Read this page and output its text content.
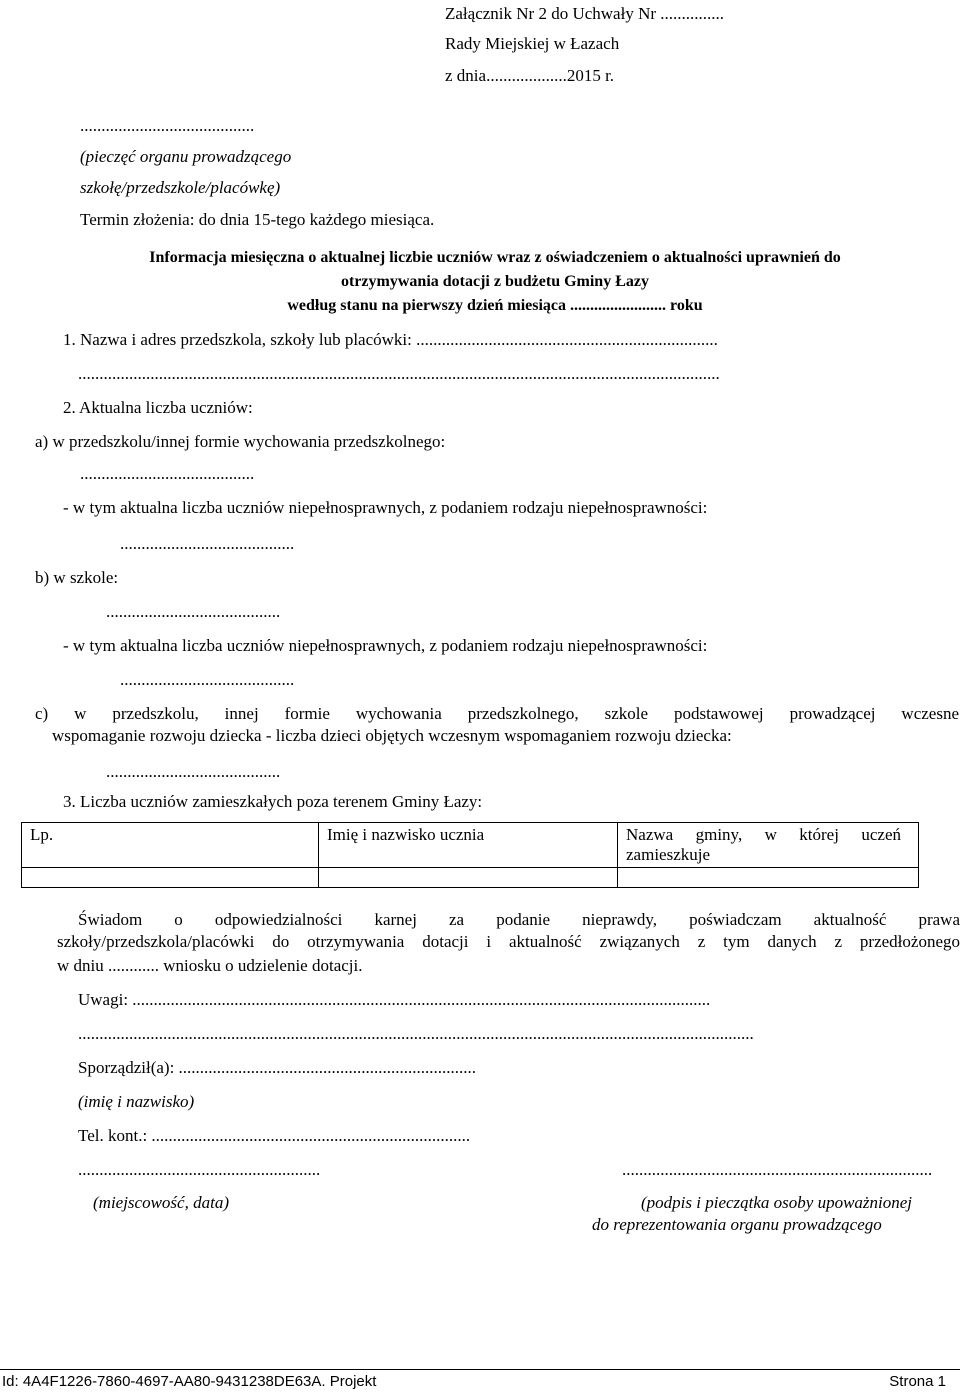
Załącznik Nr 2 do Uchwały Nr ...............
Rady Miejskiej w Łazach
z dnia...................2015 r.
.........................................
(pieczęć organu prowadzącego
szkołę/przedszkole/placówkę)
Termin złożenia: do dnia 15-tego każdego miesiąca.
Informacja miesięczna o aktualnej liczbie uczniów wraz z oświadczeniem o aktualności uprawnień do
otrzymywania dotacji z budżetu Gminy Łazy
według stanu na pierwszy dzień miesiąca ........................ roku
1. Nazwa i adres przedszkola, szkoły lub placówki: .......................................................................
.......................................................................................................................................................
2. Aktualna liczba uczniów:
a) w przedszkolu/innej formie wychowania przedszkolnego:
.........................................
- w tym aktualna liczba uczniów niepełnosprawnych, z podaniem rodzaju niepełnosprawności:
.........................................
b) w szkole:
.........................................
- w tym aktualna liczba uczniów niepełnosprawnych, z podaniem rodzaju niepełnosprawności:
.........................................
c) w przedszkolu, innej formie wychowania przedszkolnego, szkole podstawowej prowadzącej wczesne
wspomaganie rozwoju dziecka - liczba dzieci objętych wczesnym wspomaganiem rozwoju dziecka:
.........................................
3. Liczba uczniów zamieszkałych poza terenem Gminy Łazy:
Lp.	Imię i nazwisko ucznia	Nazwa gminy, w której uczeń
zamieszkuje

Świadom o odpowiedzialności karnej za podanie nieprawdy, poświadczam aktualność prawa
szkoły/przedszkola/placówki do otrzymywania dotacji i aktualność związanych z tym danych z przedłożonego
w dniu ............ wniosku o udzielenie dotacji.
Uwagi: ........................................................................................................................................
...............................................................................................................................................................
Sporządził(a): ......................................................................
(imię i nazwisko)
Tel. kont.: ...........................................................................
.........................................................	.........................................................................
(miejscowość, data)	(podpis i pieczątka osoby upoważnionej
do reprezentowania organu prowadzącego
Id: 4A4F1226-7860-4697-AA80-9431238DE63A. Projekt	Strona 1
